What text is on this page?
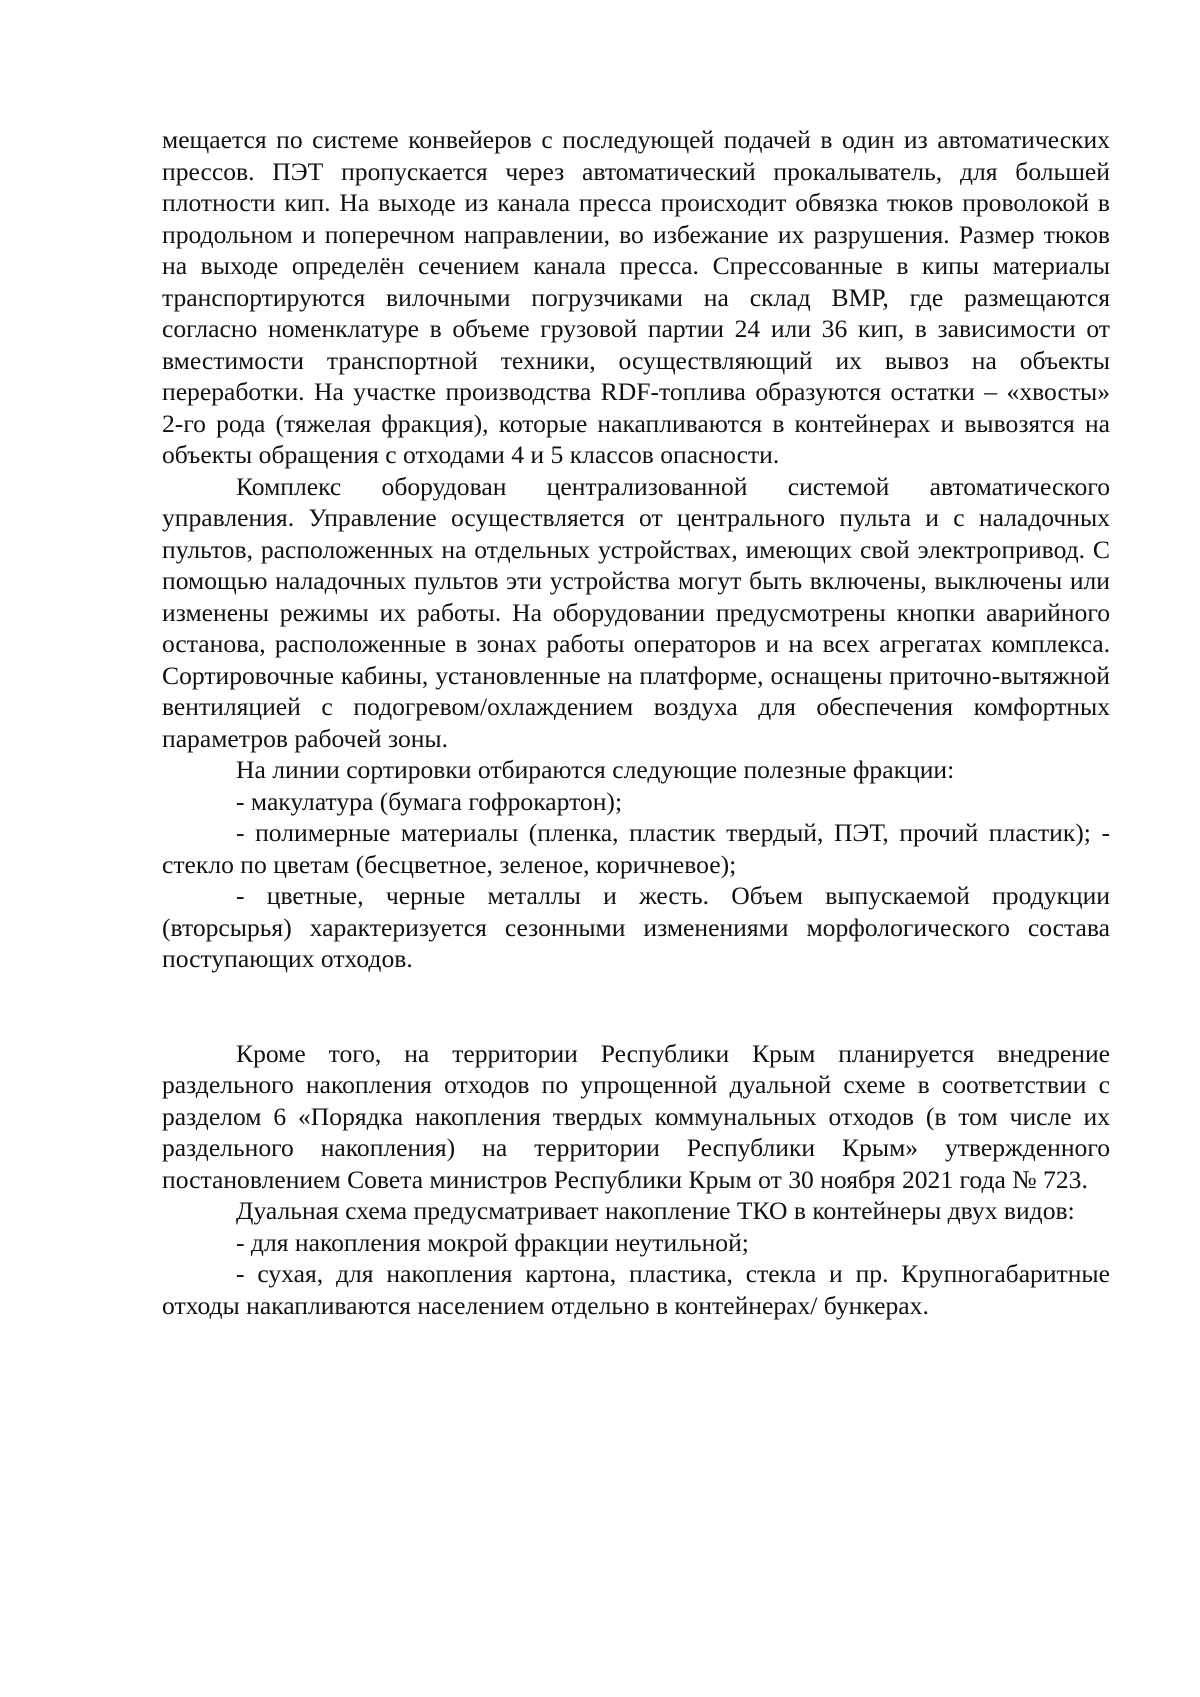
мещается по системе конвейеров с последующей подачей в один из автоматических прессов. ПЭТ пропускается через автоматический прокалыватель, для большей плотности кип. На выходе из канала пресса происходит обвязка тюков проволокой в продольном и поперечном направлении, во избежание их разрушения. Размер тюков на выходе определён сечением канала пресса. Спрессованные в кипы материалы транспортируются вилочными погрузчиками на склад ВМР, где размещаются согласно номенклатуре в объеме грузовой партии 24 или 36 кип, в зависимости от вместимости транспортной техники, осуществляющий их вывоз на объекты переработки. На участке производства RDF-топлива образуются остатки – «хвосты» 2-го рода (тяжелая фракция), которые накапливаются в контейнерах и вывозятся на объекты обращения с отходами 4 и 5 классов опасности.

Комплекс оборудован централизованной системой автоматического управления. Управление осуществляется от центрального пульта и с наладочных пультов, расположенных на отдельных устройствах, имеющих свой электропривод. С помощью наладочных пультов эти устройства могут быть включены, выключены или изменены режимы их работы. На оборудовании предусмотрены кнопки аварийного останова, расположенные в зонах работы операторов и на всех агрегатах комплекса. Сортировочные кабины, установленные на платформе, оснащены приточно-вытяжной вентиляцией с подогревом/охлаждением воздуха для обеспечения комфортных параметров рабочей зоны.

На линии сортировки отбираются следующие полезные фракции:

- макулатура (бумага гофрокартон);

- полимерные материалы (пленка, пластик твердый, ПЭТ, прочий пластик); - стекло по цветам (бесцветное, зеленое, коричневое);

- цветные, черные металлы и жесть. Объем выпускаемой продукции (вторсырья) характеризуется сезонными изменениями морфологического состава поступающих отходов.

Кроме того, на территории Республики Крым планируется внедрение раздельного накопления отходов по упрощенной дуальной схеме в соответствии с разделом 6 «Порядка накопления твердых коммунальных отходов (в том числе их раздельного накопления) на территории Республики Крым» утвержденного постановлением Совета министров Республики Крым от 30 ноября 2021 года № 723.

Дуальная схема предусматривает накопление ТКО в контейнеры двух видов:

- для накопления мокрой фракции неутильной;

- сухая, для накопления картона, пластика, стекла и пр. Крупногабаритные отходы накапливаются населением отдельно в контейнерах/ бункерах.
